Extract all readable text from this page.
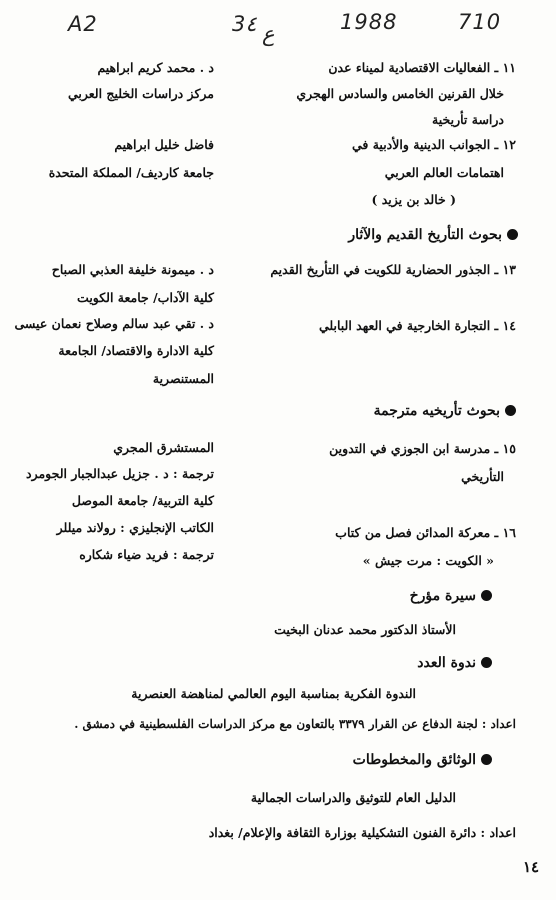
A2	3٤ ع	1988	710
١١ ـ الفعاليات الاقتصادية لميناء عدن
خلال القرنين الخامس والسادس الهجري
دراسة تأريخية
د . محمد كريم ابراهيم
مركز دراسات الخليج العربي
١٢ ـ الجوانب الدينية والأدبية في
اهتمامات العالم العربي
( خالد بن يزيد )
فاضل خليل ابراهيم
جامعة كارديف/ المملكة المتحدة
بحوث التأريخ القديم والآثار
١٣ ـ الجذور الحضارية للكويت في التأريخ القديم
د . ميمونة خليفة العذبي الصباح
كلية الآداب/ جامعة الكويت
١٤ ـ التجارة الخارجية في العهد البابلي
د . تقي عبد سالم وصلاح نعمان عيسى
كلية الادارة والاقتصاد/ الجامعة
المستنصرية
بحوث تأريخيه مترجمة
١٥ ـ مدرسة ابن الجوزي في التدوين
التأريخي
المستشرق المجري
ترجمة : د . جزيل عبدالجبار الجومرد
كلية التربية/ جامعة الموصل
١٦ ـ معركة المدائن فصل من كتاب
« الكويت : مرت جيش »
الكاتب الإنجليزي : رولاند ميللر
ترجمة : فريد ضياء شكاره
سيرة مؤرخ
الأستاذ الدكتور محمد عدنان البخيت
ندوة العدد
الندوة الفكرية بمناسبة اليوم العالمي لمناهضة العنصرية
اعداد : لجنة الدفاع عن القرار ٣٣٧٩ بالتعاون مع مركز الدراسات الفلسطينية في دمشق .
الوثائق والمخطوطات
الدليل العام للتوثيق والدراسات الجمالية
اعداد : دائرة الفنون التشكيلية بوزارة الثقافة والإعلام/ بغداد
١٤
